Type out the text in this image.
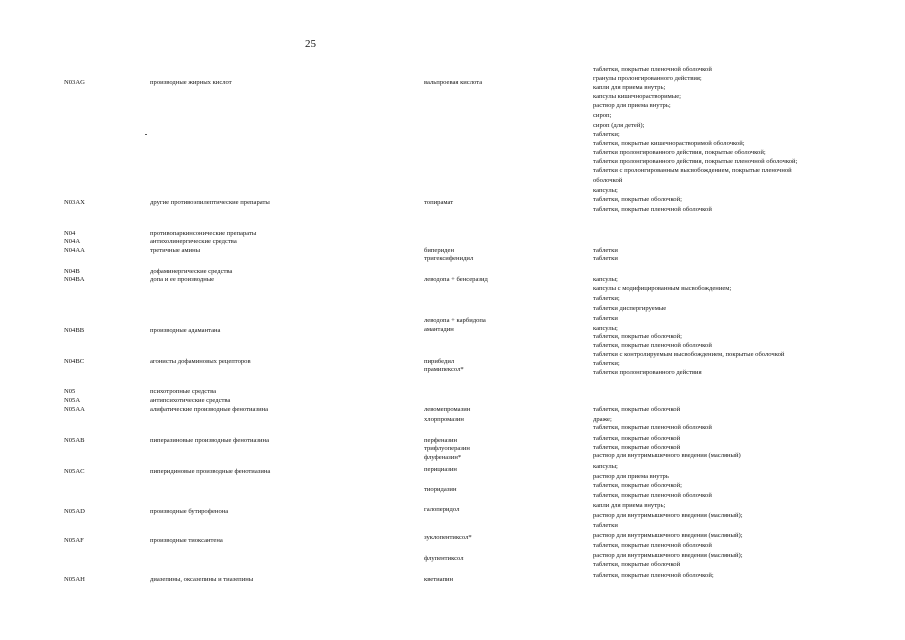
25
N03AG
N03AX
N04
N04A
N04AA
N04B
N04BA
N04BB
N04BC
N05
N05A
N05AA
N05AB
N05AC
N05AD
N05AF
N05AH
производные жирных кислот
другие противоэпилептические препараты
противопаркинсонические препараты
антихолинергические средства
третичные амины
дофаминергические средства
допа и ее производные
производные адамантана
агонисты дофаминовых рецепторов
психотропные средства
антипсихотические средства
алифатические производные фенотиазина
пиперазиновые производные фенотиазина
пиперидиновые производные фенотиазина
производные бутирофенона
производные тиоксантена
диазепины, оксазепины и тиазепины
вальпроевая кислота
топирамат
бипериден
тригексифенидил
леводопа + бенсеразид
леводопа + карбидопа
амантадин
пирибедил
прамипексол*
левомепромазин
хлорпромазин
перфеназин
трифлуоперазин
флуфеназин*
перициазин
тиоридазин
галоперидол
зуклопентиксол*
флупентиксол
кветиапин
таблетки, покрытые пленочной оболочкой
гранулы пролонгированного действия;
капли для приема внутрь;
капсулы кишечнорастворимые;
раствор для приема внутрь;
сироп;
сироп (для детей);
таблетки;
таблетки, покрытые кишечнорастворимой оболочкой;
таблетки пролонгированного действия, покрытые оболочкой;
таблетки пролонгированного действия, покрытые пленочной оболочкой;
таблетки с пролонгированным высвобождением, покрытые пленочной
оболочкой
капсулы;
таблетки, покрытые оболочкой;
таблетки, покрытые пленочной оболочкой
таблетки
таблетки
капсулы;
капсулы с модифицированным высвобождением;
таблетки;
таблетки диспергируемые
таблетки
капсулы;
таблетки, покрытые оболочкой;
таблетки, покрытые пленочной оболочкой
таблетки с контролируемым высвобождением, покрытые оболочкой
таблетки;
таблетки пролонгированного действия
таблетки, покрытые оболочкой
драже;
таблетки, покрытые пленочной оболочкой
таблетки, покрытые оболочкой
таблетки, покрытые оболочкой
раствор для внутримышечного введения (масляный)
капсулы;
раствор для приема внутрь
таблетки, покрытые оболочкой;
таблетки, покрытые пленочной оболочкой
капли для приема внутрь;
раствор для внутримышечного введения (масляный);
таблетки
раствор для внутримышечного введения (масляный);
таблетки, покрытые пленочной оболочкой
раствор для внутримышечного введения (масляный);
таблетки, покрытые оболочкой
таблетки, покрытые пленочной оболочкой;
